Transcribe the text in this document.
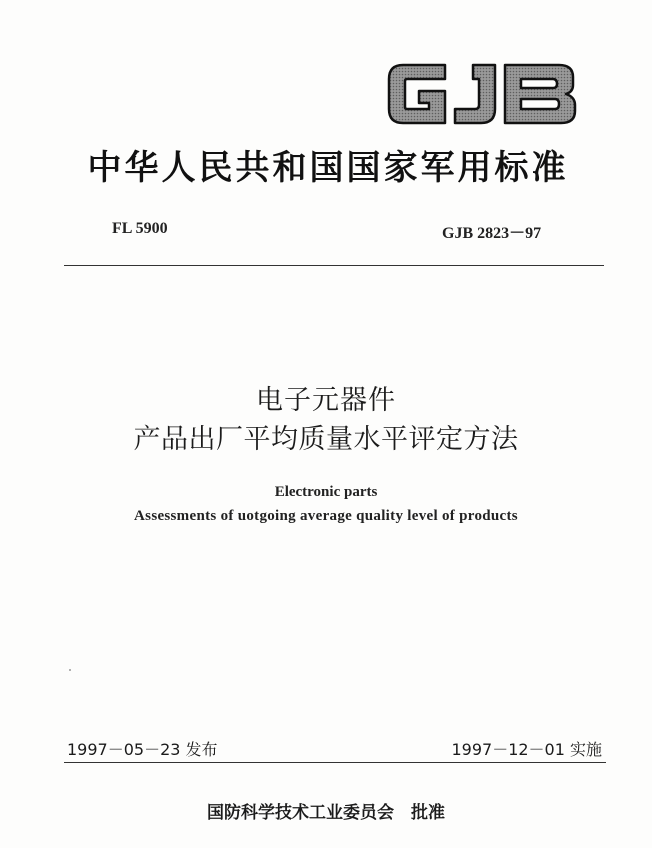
中华人民共和国国家军用标准
FL 5900	GJB 2823－97
电子元器件
产品出厂平均质量水平评定方法
Electronic parts
Assessments of uotgoing average quality level of products
1997－05－23 发布	1997－12－01 实施
国防科学技术工业委员会　批准
